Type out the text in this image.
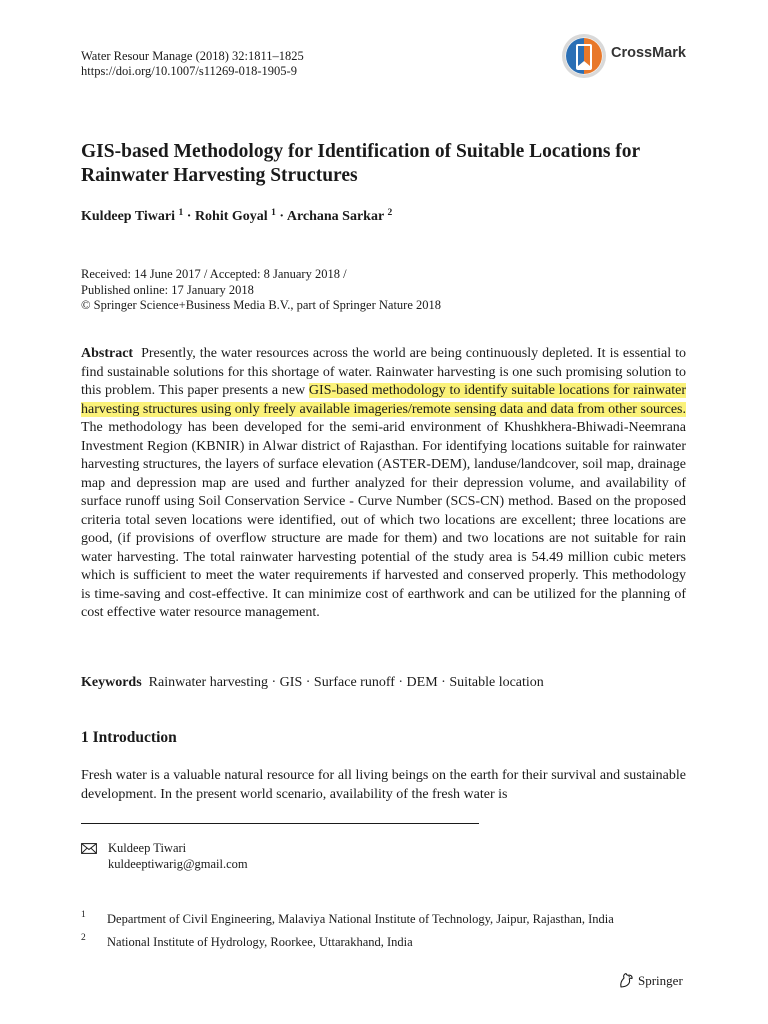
Water Resour Manage (2018) 32:1811–1825
https://doi.org/10.1007/s11269-018-1905-9
CrossMark
GIS-based Methodology for Identification of Suitable Locations for Rainwater Harvesting Structures
Kuldeep Tiwari $^1$ · Rohit Goyal $^1$ · Archana Sarkar $^2$
Received: 14 June 2017 / Accepted: 8 January 2018 /
Published online: 17 January 2018
© Springer Science+Business Media B.V., part of Springer Nature 2018

Abstract Presently, the water resources across the world are being continuously depleted. It is essential to find sustainable solutions for this shortage of water. Rainwater harvesting is one such promising solution to this problem. This paper presents a new GIS-based methodology to identify suitable locations for rainwater harvesting structures using only freely available imageries/remote sensing data and data from other sources. The methodology has been developed for the semi-arid environment of Khushkhera-Bhiwadi-Neemrana Investment Region (KBNIR) in Alwar district of Rajasthan. For identifying locations suitable for rainwater harvesting structures, the layers of surface elevation (ASTER-DEM), landuse/landcover, soil map, drainage map and depression map are used and further analyzed for their depression volume, and availability of surface runoff using Soil Conservation Service - Curve Number (SCS-CN) method. Based on the proposed criteria total seven locations were identified, out of which two locations are excellent; three locations are good, (if provisions of overflow structure are made for them) and two locations are not suitable for rain water harvesting. The total rainwater harvesting potential of the study area is 54.49 million cubic meters which is sufficient to meet the water requirements if harvested and conserved properly. This methodology is time-saving and cost-effective. It can minimize cost of earthwork and can be utilized for the planning of cost effective water resource management.

Keywords Rainwater harvesting · GIS · Surface runoff · DEM · Suitable location
1 Introduction

Fresh water is a valuable natural resource for all living beings on the earth for their survival and sustainable development. In the present world scenario, availability of the fresh water is

Kuldeep Tiwari
kuldeeptiwarig@gmail.com
1 Department of Civil Engineering, Malaviya National Institute of Technology, Jaipur, Rajasthan, India
2 National Institute of Hydrology, Roorkee, Uttarakhand, India
Springer
